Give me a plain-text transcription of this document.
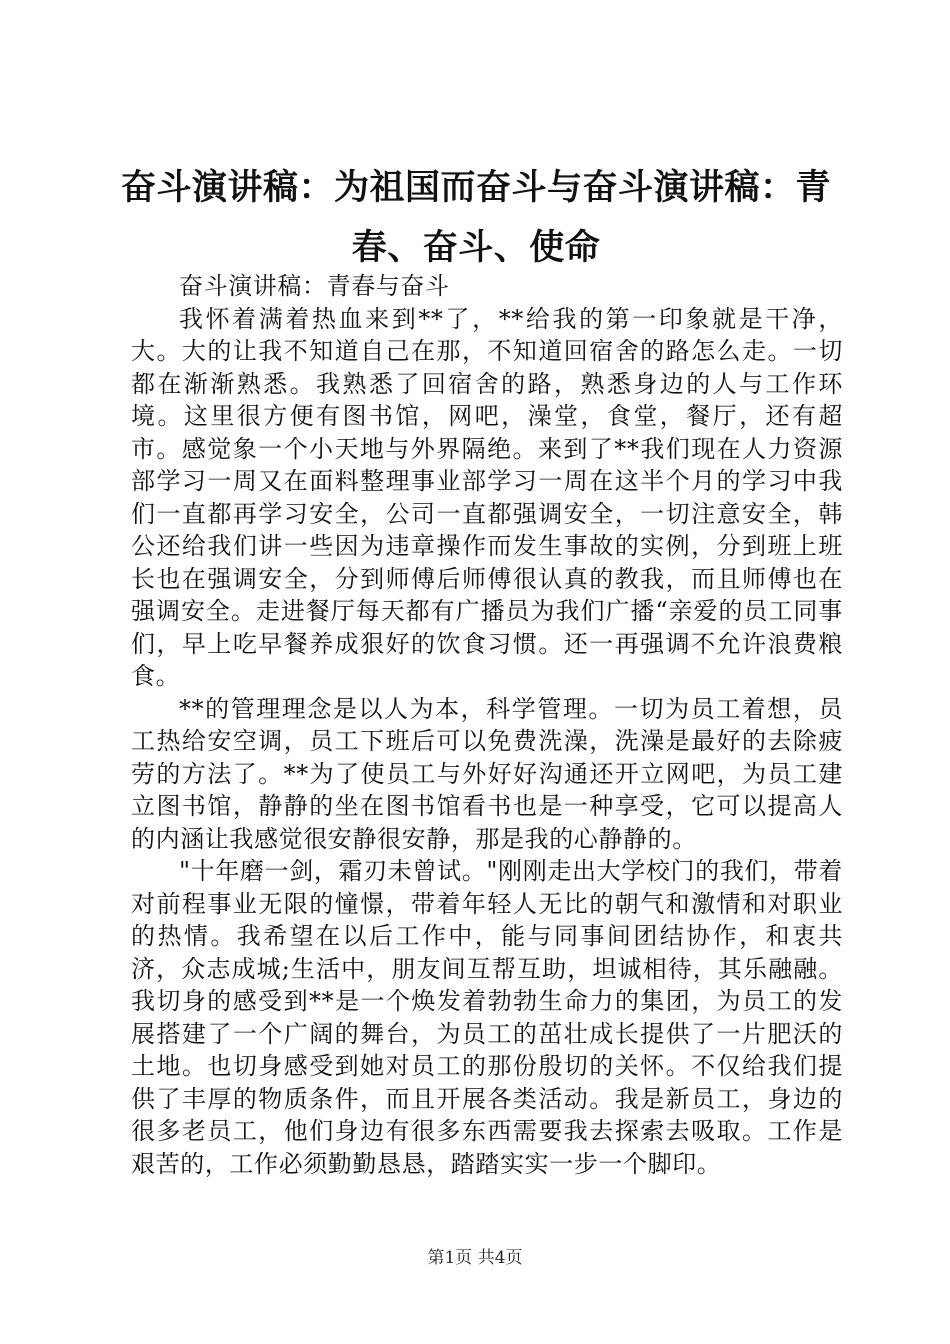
奋斗演讲稿：为祖国而奋斗与奋斗演讲稿：青春、奋斗、使命

奋斗演讲稿：青春与奋斗

我怀着满着热血来到**了，**给我的第一印象就是干净，大。大的让我不知道自己在那，不知道回宿舍的路怎么走。一切都在渐渐熟悉。我熟悉了回宿舍的路，熟悉身边的人与工作环境。这里很方便有图书馆，网吧，澡堂，食堂，餐厅，还有超市。感觉象一个小天地与外界隔绝。来到了**我们现在人力资源部学习一周又在面料整理事业部学习一周在这半个月的学习中我们一直都再学习安全，公司一直都强调安全，一切注意安全，韩公还给我们讲一些因为违章操作而发生事故的实例，分到班上班长也在强调安全，分到师傅后师傅很认真的教我，而且师傅也在强调安全。走进餐厅每天都有广播员为我们广播“亲爱的员工同事们，早上吃早餐养成狠好的饮食习惯。还一再强调不允许浪费粮食。

**的管理理念是以人为本，科学管理。一切为员工着想，员工热给安空调，员工下班后可以免费洗澡，洗澡是最好的去除疲劳的方法了。**为了使员工与外好好沟通还开立网吧，为员工建立图书馆，静静的坐在图书馆看书也是一种享受，它可以提高人的内涵让我感觉很安静很安静，那是我的心静静的。

"十年磨一剑，霜刃未曾试。"刚刚走出大学校门的我们，带着对前程事业无限的憧憬，带着年轻人无比的朝气和激情和对职业的热情。我希望在以后工作中，能与同事间团结协作，和衷共济，众志成城;生活中，朋友间互帮互助，坦诚相待，其乐融融。我切身的感受到**是一个焕发着勃勃生命力的集团，为员工的发展搭建了一个广阔的舞台，为员工的茁壮成长提供了一片肥沃的土地。也切身感受到她对员工的那份殷切的关怀。不仅给我们提供了丰厚的物质条件，而且开展各类活动。我是新员工，身边的很多老员工，他们身边有很多东西需要我去探索去吸取。工作是艰苦的，工作必须勤勤恳恳，踏踏实实一步一个脚印。

第1页 共4页
